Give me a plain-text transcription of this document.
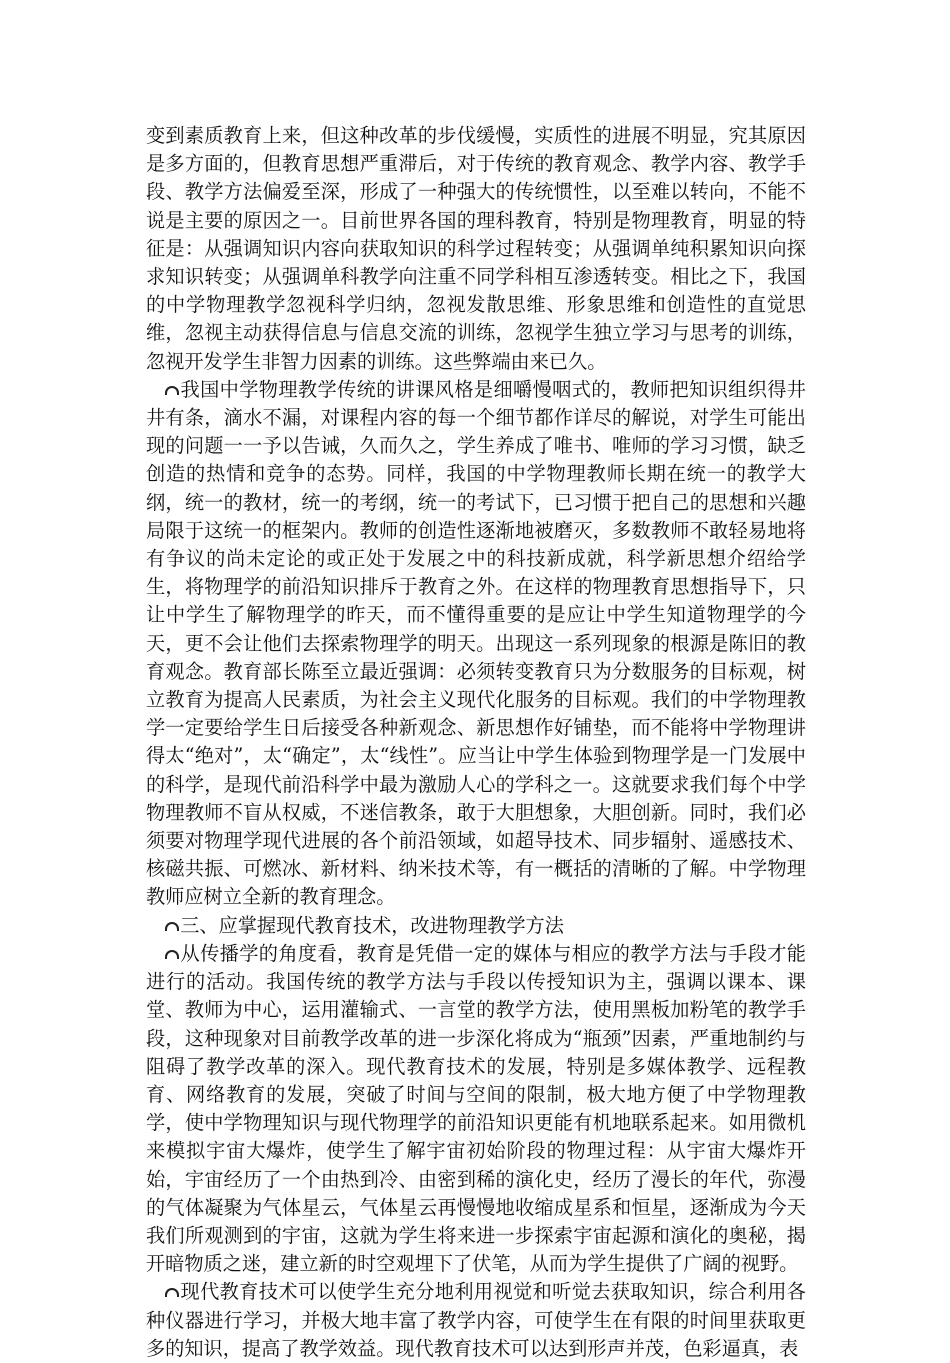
变到素质教育上来，但这种改革的步伐缓慢，实质性的进展不明显，究其原因是多方面的，但教育思想严重滞后，对于传统的教育观念、教学内容、教学手段、教学方法偏爱至深，形成了一种强大的传统惯性，以至难以转向，不能不说是主要的原因之一。目前世界各国的理科教育，特别是物理教育，明显的特征是：从强调知识内容向获取知识的科学过程转变；从强调单纯积累知识向探求知识转变；从强调单科教学向注重不同学科相互渗透转变。相比之下，我国的中学物理教学忽视科学归纳，忽视发散思维、形象思维和创造性的直觉思维，忽视主动获得信息与信息交流的训练，忽视学生独立学习与思考的训练，忽视开发学生非智力因素的训练。这些弊端由来已久。

我国中学物理教学传统的讲课风格是细嚼慢咽式的，教师把知识组织得井井有条，滴水不漏，对课程内容的每一个细节都作详尽的解说，对学生可能出现的问题一一予以告诫，久而久之，学生养成了唯书、唯师的学习习惯，缺乏创造的热情和竞争的态势。同样，我国的中学物理教师长期在统一的教学大纲，统一的教材，统一的考纲，统一的考试下，已习惯于把自己的思想和兴趣局限于这统一的框架内。教师的创造性逐渐地被磨灭，多数教师不敢轻易地将有争议的尚未定论的或正处于发展之中的科技新成就，科学新思想介绍给学生，将物理学的前沿知识排斥于教育之外。在这样的物理教育思想指导下，只让中学生了解物理学的昨天，而不懂得重要的是应让中学生知道物理学的今天，更不会让他们去探索物理学的明天。出现这一系列现象的根源是陈旧的教育观念。教育部长陈至立最近强调：必须转变教育只为分数服务的目标观，树立教育为提高人民素质，为社会主义现代化服务的目标观。我们的中学物理教学一定要给学生日后接受各种新观念、新思想作好铺垫，而不能将中学物理讲得太“绝对”，太“确定”，太“线性”。应当让中学生体验到物理学是一门发展中的科学，是现代前沿科学中最为激励人心的学科之一。这就要求我们每个中学物理教师不盲从权威，不迷信教条，敢于大胆想象，大胆创新。同时，我们必须要对物理学现代进展的各个前沿领域，如超导技术、同步辐射、遥感技术、核磁共振、可燃冰、新材料、纳米技术等，有一概括的清晰的了解。中学物理教师应树立全新的教育理念。

三、应掌握现代教育技术，改进物理教学方法

从传播学的角度看，教育是凭借一定的媒体与相应的教学方法与手段才能进行的活动。我国传统的教学方法与手段以传授知识为主，强调以课本、课堂、教师为中心，运用灌输式、一言堂的教学方法，使用黑板加粉笔的教学手段，这种现象对目前教学改革的进一步深化将成为“瓶颈”因素，严重地制约与阻碍了教学改革的深入。现代教育技术的发展，特别是多媒体教学、远程教育、网络教育的发展，突破了时间与空间的限制，极大地方便了中学物理教学，使中学物理知识与现代物理学的前沿知识更能有机地联系起来。如用微机来模拟宇宙大爆炸，使学生了解宇宙初始阶段的物理过程：从宇宙大爆炸开始，宇宙经历了一个由热到冷、由密到稀的演化史，经历了漫长的年代，弥漫的气体凝聚为气体星云，气体星云再慢慢地收缩成星系和恒星，逐渐成为今天我们所观测到的宇宙，这就为学生将来进一步探索宇宙起源和演化的奥秘，揭开暗物质之迷，建立新的时空观埋下了伏笔，从而为学生提供了广阔的视野。

现代教育技术可以使学生充分地利用视觉和听觉去获取知识，综合利用各种仪器进行学习，并极大地丰富了教学内容，可使学生在有限的时间里获取更多的知识，提高了教学效益。现代教育技术可以达到形声并茂，色彩逼真，表
